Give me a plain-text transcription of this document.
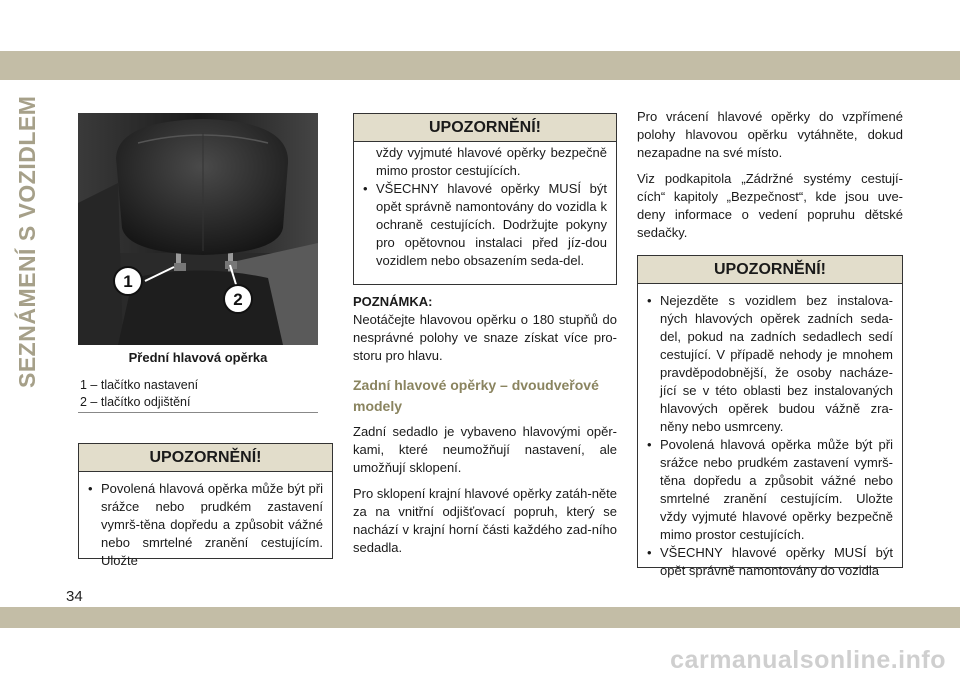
SEZNÁMENÍ S VOZIDLEM	1
2
Přední hlavová opěrka
1 – tlačítko nastavení
2 – tlačítko odjištění
UPOZORNĚNÍ!
• Povolená hlavová opěrka může být při srážce nebo prudkém zastavení vymrš-těna dopředu a způsobit vážné nebo smrtelné zranění cestujícím. Uložte
UPOZORNĚNÍ!
vždy vyjmuté hlavové opěrky bezpečně mimo prostor cestujících.
• VŠECHNY hlavové opěrky MUSÍ být opět správně namontovány do vozidla k ochraně cestujících. Dodržujte pokyny pro opětovnou instalaci před jíz-dou vozidlem nebo obsazením seda-del.
POZNÁMKA:
Neotáčejte hlavovou opěrku o 180 stupňů do nesprávné polohy ve snaze získat více pro-storu pro hlavu.
Zadní hlavové opěrky – dvoudveřové modely
Zadní sedadlo je vybaveno hlavovými opěr-kami, které neumožňují nastavení, ale umožňují sklopení.
Pro sklopení krajní hlavové opěrky zatáh-něte za na vnitřní odjišťovací popruh, který se nachází v krajní horní části každého zad-ního sedadla.
Pro vrácení hlavové opěrky do vzpřímené polohy hlavovou opěrku vytáhněte, dokud nezapadne na své místo.
Viz podkapitola „Zádržné systémy cestují-cích“ kapitoly „Bezpečnost“, kde jsou uve-deny informace o vedení popruhu dětské sedačky.
UPOZORNĚNÍ!
• Nejezděte s vozidlem bez instalova-ných hlavových opěrek zadních seda-del, pokud na zadních sedadlech sedí cestující. V případě nehody je mnohem pravděpodobnější, že osoby nacháze-jící se v této oblasti bez instalovaných hlavových opěrek budou vážně zra-něny nebo usmrceny.
• Povolená hlavová opěrka může být při srážce nebo prudkém zastavení vymrš-těna dopředu a způsobit vážné nebo smrtelné zranění cestujícím. Uložte vždy vyjmuté hlavové opěrky bezpečně mimo prostor cestujících.
• VŠECHNY hlavové opěrky MUSÍ být opět správně namontovány do vozidla
34
carmanualsonline.info
